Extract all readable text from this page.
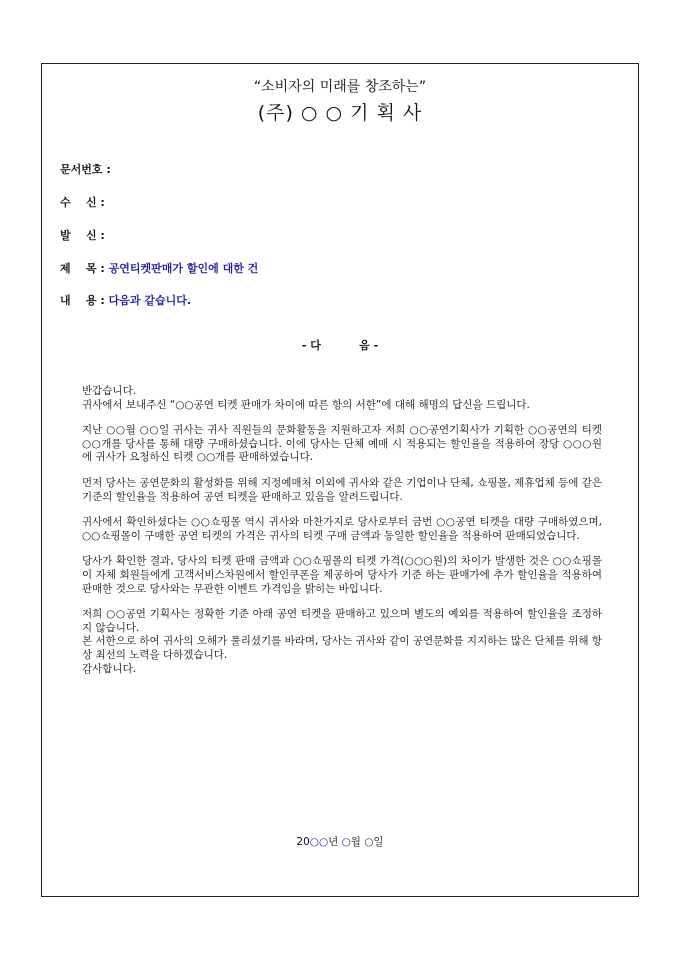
“소비자의 미래를 창조하는”
(주) ○ ○ 기 획 사
문서번호 :
수    신 :
발    신 :
제    목 : 공연티켓판매가 할인에 대한 건
내    용 : 다음과 같습니다.
- 다          음 -

반갑습니다.

귀사에서 보내주신 “○○공연 티켓 판매가 차이에 따른 항의 서한”에 대해 해명의 답신을 드립니다.

지난 ○○월 ○○일 귀사는 귀사 직원들의 문화활동을 지원하고자 저희 ○○공연기획사가 기획한 ○○공연의 티켓 ○○개를 당사를 통해 대량 구매하셨습니다. 이에 당사는 단체 예매 시 적용되는 할인율을 적용하여 장당 ○○○원에 귀사가 요청하신 티켓 ○○개를 판매하였습니다.

먼저 당사는 공연문화의 활성화를 위해 지정예매처 이외에 귀사와 같은 기업이나 단체, 쇼핑몰, 제휴업체 등에 같은 기준의 할인율을 적용하여 공연 티켓을 판매하고 있음을 알려드립니다.

귀사에서 확인하셨다는 ○○쇼핑몰 역시 귀사와 마찬가지로 당사로부터 금번 ○○공연 티켓을 대량 구매하였으며, ○○쇼핑몰이 구매한 공연 티켓의 가격은 귀사의 티켓 구매 금액과 동일한 할인율을 적용하여 판매되었습니다.

당사가 확인한 결과, 당사의 티켓 판매 금액과 ○○쇼핑몰의 티켓 가격(○○○원)의 차이가 발생한 것은 ○○쇼핑몰이 자체 회원들에게 고객서비스차원에서 할인쿠폰을 제공하여 당사가 기준 하는 판매가에 추가 할인율을 적용하여 판매한 것으로 당사와는 무관한 이벤트 가격임을 밝히는 바입니다.

저희 ○○공연 기획사는 정확한 기준 아래 공연 티켓을 판매하고 있으며 별도의 예외를 적용하여 할인율을 조정하지 않습니다.

본 서한으로 하여 귀사의 오해가 풀리셨기를 바라며, 당사는 귀사와 같이 공연문화를 지지하는 많은 단체를 위해 항상 최선의 노력을 다하겠습니다.

감사합니다.

20○○년 ○월 ○일
